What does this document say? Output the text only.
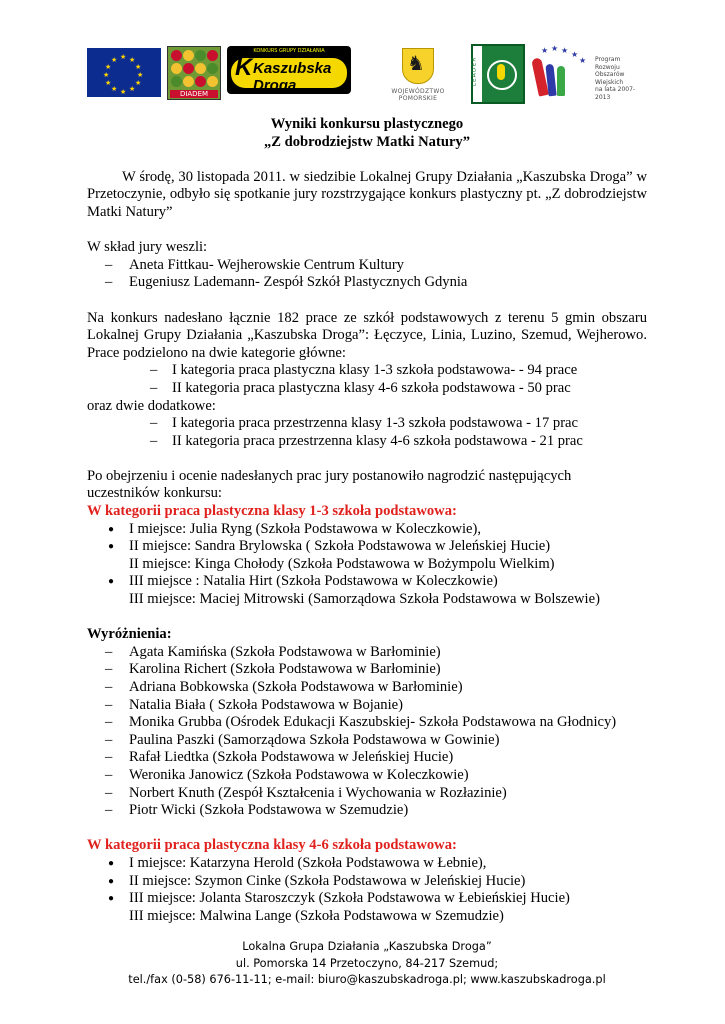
★ ★
★
★
★
★
★
★
★
★
★
★
DIADEM
KONKURS GRUPY DZIAŁANIA
K Kaszubska Droga
♞
WOJEWÓDZTWO POMORSKIE
LEADER
★ ★ ★ ★
★ Program
Rozwoju
Obszarów
Wiejskich
na lata 2007-2013

Wyniki konkursu plastycznego

„Z dobrodziejstw Matki Natury”

W środę, 30 listopada 2011. w siedzibie Lokalnej Grupy Działania „Kaszubska Droga” w Przetoczynie, odbyło się spotkanie jury rozstrzygające konkurs plastyczny pt. „Z dobrodziejstw Matki Natury”

W skład jury weszli:

– Aneta Fittkau- Wejherowskie Centrum Kultury
– Eugeniusz Lademann- Zespół Szkół Plastycznych Gdynia

Na konkurs nadesłano łącznie 182 prace ze szkół podstawowych z terenu 5 gmin obszaru Lokalnej Grupy Działania „Kaszubska Droga”: Łęczyce, Linia, Luzino, Szemud, Wejherowo. Prace podzielono na dwie kategorie główne:

– I kategoria praca plastyczna klasy 1-3 szkoła podstawowa- - 94 prace
– II kategoria praca plastyczna klasy 4-6 szkoła podstawowa - 50 prac

oraz dwie dodatkowe:

– I kategoria praca przestrzenna klasy 1-3 szkoła podstawowa - 17 prac
– II kategoria praca przestrzenna klasy 4-6 szkoła podstawowa - 21 prac

Po obejrzeniu i ocenie nadesłanych prac jury postanowiło nagrodzić następujących uczestników konkursu:

W kategorii praca plastyczna klasy 1-3 szkoła podstawowa:

● I miejsce: Julia Ryng (Szkoła Podstawowa w Koleczkowie),
● II miejsce: Sandra Brylowska ( Szkoła Podstawowa w Jeleńskiej Hucie)
II miejsce: Kinga Chołody (Szkoła Podstawowa w Bożympolu Wielkim)
● III miejsce : Natalia Hirt (Szkoła Podstawowa w Koleczkowie)
III miejsce: Maciej Mitrowski (Samorządowa Szkoła Podstawowa w Bolszewie)

Wyróżnienia:

– Agata Kamińska (Szkoła Podstawowa w Barłominie)
– Karolina Richert (Szkoła Podstawowa w Barłominie)
– Adriana Bobkowska (Szkoła Podstawowa w Barłominie)
– Natalia Biała ( Szkoła Podstawowa w Bojanie)
– Monika Grubba (Ośrodek Edukacji Kaszubskiej- Szkoła Podstawowa na Głodnicy)
– Paulina Paszki (Samorządowa Szkoła Podstawowa w Gowinie)
– Rafał Liedtka (Szkoła Podstawowa w Jeleńskiej Hucie)
– Weronika Janowicz (Szkoła Podstawowa w Koleczkowie)
– Norbert Knuth (Zespół Kształcenia i Wychowania w Rozłazinie)
– Piotr Wicki (Szkoła Podstawowa w Szemudzie)

W kategorii praca plastyczna klasy 4-6 szkoła podstawowa:

● I miejsce: Katarzyna Herold (Szkoła Podstawowa w Łebnie),
● II miejsce: Szymon Cinke (Szkoła Podstawowa w Jeleńskiej Hucie)
● III miejsce: Jolanta Staroszczyk (Szkoła Podstawowa w Łebieńskiej Hucie)
III miejsce: Malwina Lange (Szkoła Podstawowa w Szemudzie)
Lokalna Grupa Działania „Kaszubska Droga”
ul. Pomorska 14 Przetoczyno, 84-217 Szemud;
tel./fax (0-58) 676-11-11; e-mail: biuro@kaszubskadroga.pl; www.kaszubskadroga.pl
